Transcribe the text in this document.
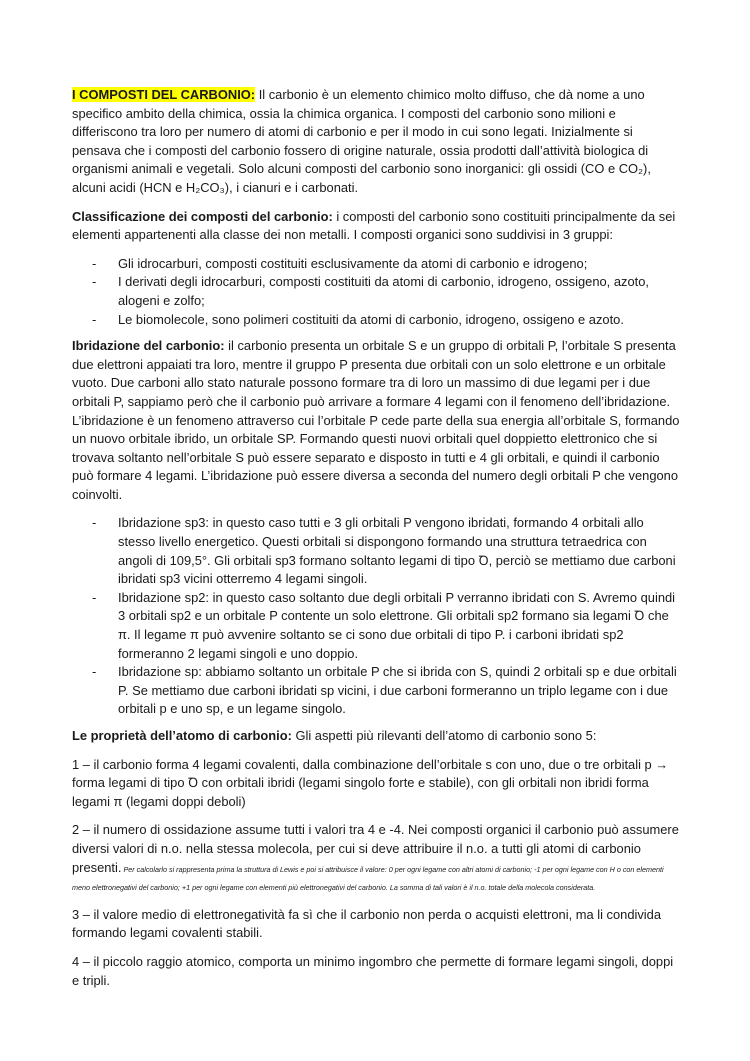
I COMPOSTI DEL CARBONIO: Il carbonio è un elemento chimico molto diffuso, che dà nome a uno specifico ambito della chimica, ossia la chimica organica. I composti del carbonio sono milioni e differiscono tra loro per numero di atomi di carbonio e per il modo in cui sono legati. Inizialmente si pensava che i composti del carbonio fossero di origine naturale, ossia prodotti dall’attività biologica di organismi animali e vegetali. Solo alcuni composti del carbonio sono inorganici: gli ossidi (CO e CO₂), alcuni acidi (HCN e H₂CO₃), i cianuri e i carbonati.

Classificazione dei composti del carbonio: i composti del carbonio sono costituiti principalmente da sei elementi appartenenti alla classe dei non metalli. I composti organici sono suddivisi in 3 gruppi:

- Gli idrocarburi, composti costituiti esclusivamente da atomi di carbonio e idrogeno;
- I derivati degli idrocarburi, composti costituiti da atomi di carbonio, idrogeno, ossigeno, azoto, alogeni e zolfo;
- Le biomolecole, sono polimeri costituiti da atomi di carbonio, idrogeno, ossigeno e azoto.

Ibridazione del carbonio: il carbonio presenta un orbitale S e un gruppo di orbitali P, l’orbitale S presenta due elettroni appaiati tra loro, mentre il gruppo P presenta due orbitali con un solo elettrone e un orbitale vuoto. Due carboni allo stato naturale possono formare tra di loro un massimo di due legami per i due orbitali P, sappiamo però che il carbonio può arrivare a formare 4 legami con il fenomeno dell’ibridazione. L’ibridazione è un fenomeno attraverso cui l’orbitale P cede parte della sua energia all’orbitale S, formando un nuovo orbitale ibrido, un orbitale SP. Formando questi nuovi orbitali quel doppietto elettronico che si trovava soltanto nell’orbitale S può essere separato e disposto in tutti e 4 gli orbitali, e quindi il carbonio può formare 4 legami. L’ibridazione può essere diversa a seconda del numero degli orbitali P che vengono coinvolti.

- Ibridazione sp3: in questo caso tutti e 3 gli orbitali P vengono ibridati, formando 4 orbitali allo stesso livello energetico. Questi orbitali si dispongono formando una struttura tetraedrica con angoli di 109,5°. Gli orbitali sp3 formano soltanto legami di tipo Ꝺ, perciò se mettiamo due carboni ibridati sp3 vicini otterremo 4 legami singoli.
- Ibridazione sp2: in questo caso soltanto due degli orbitali P verranno ibridati con S. Avremo quindi 3 orbitali sp2 e un orbitale P contente un solo elettrone. Gli orbitali sp2 formano sia legami Ꝺ che π. Il legame π può avvenire soltanto se ci sono due orbitali di tipo P. i carboni ibridati sp2 formeranno 2 legami singoli e uno doppio.
- Ibridazione sp: abbiamo soltanto un orbitale P che si ibrida con S, quindi 2 orbitali sp e due orbitali P. Se mettiamo due carboni ibridati sp vicini, i due carboni formeranno un triplo legame con i due orbitali p e uno sp, e un legame singolo.

Le proprietà dell’atomo di carbonio: Gli aspetti più rilevanti dell’atomo di carbonio sono 5:

1 – il carbonio forma 4 legami covalenti, dalla combinazione dell’orbitale s con uno, due o tre orbitali p → forma legami di tipo Ꝺ con orbitali ibridi (legami singolo forte e stabile), con gli orbitali non ibridi forma legami π (legami doppi deboli)

2 – il numero di ossidazione assume tutti i valori tra 4 e -4. Nei composti organici il carbonio può assumere diversi valori di n.o. nella stessa molecola, per cui si deve attribuire il n.o. a tutti gli atomi di carbonio presenti. Per calcolarlo si rappresenta prima la struttura di Lewis e poi si attribuisce il valore: 0 per ogni legame con altri atomi di carbonio; -1 per ogni legame con H o con elementi meno elettronegativi del carbonio; +1 per ogni legame con elementi più elettronegativi del carbonio. La somma di tali valori è il n.o. totale della molecola considerata.

3 – il valore medio di elettronegatività fa sì che il carbonio non perda o acquisti elettroni, ma li condivida formando legami covalenti stabili.

4 – il piccolo raggio atomico, comporta un minimo ingombro che permette di formare legami singoli, doppi e tripli.
